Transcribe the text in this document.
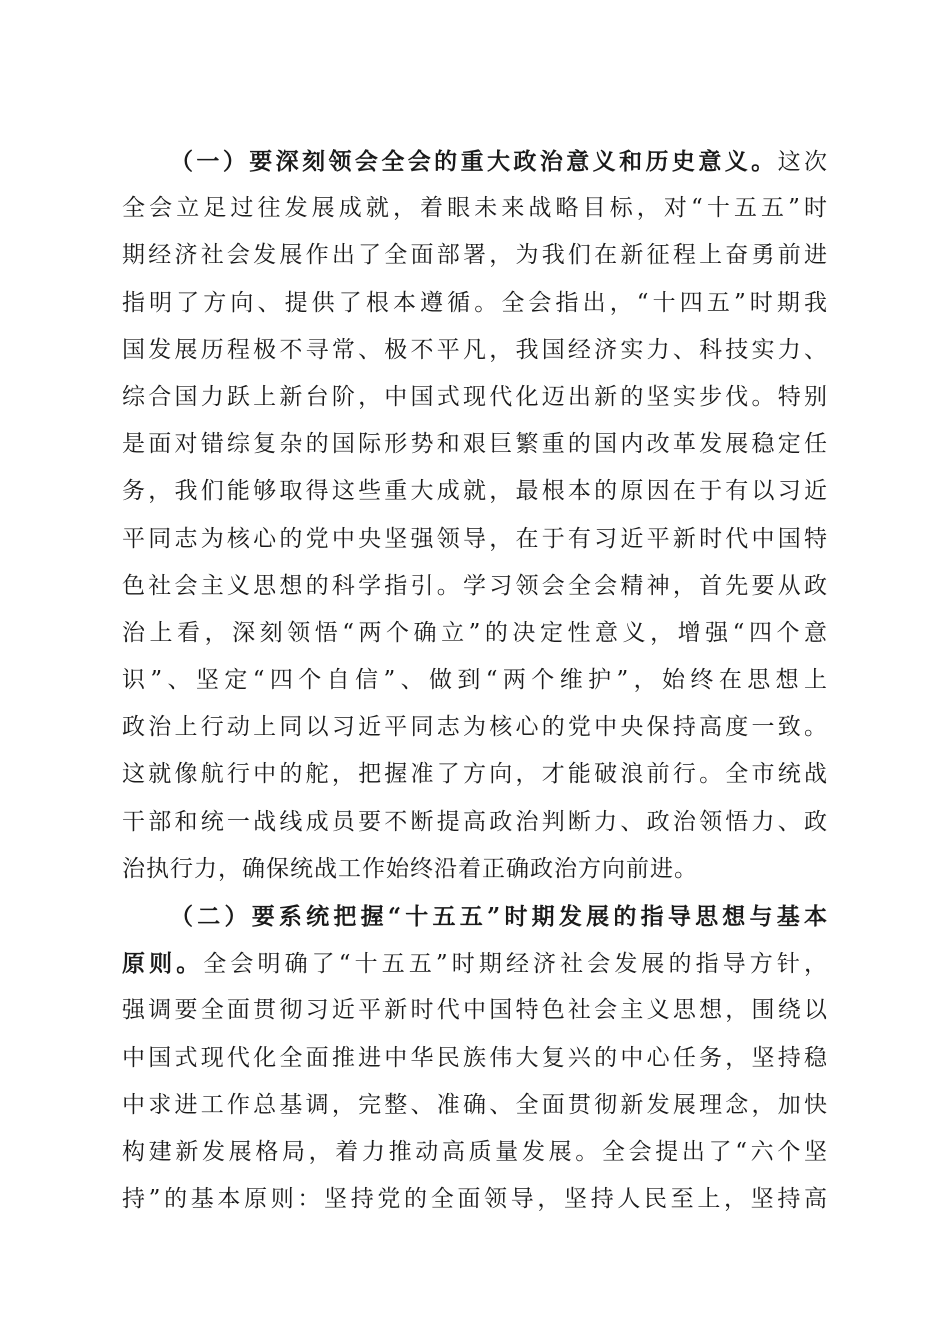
（一）要深刻领会全会的重大政治意义和历史意义。这次
全会立足过往发展成就，着眼未来战略目标，对“十五五”时
期经济社会发展作出了全面部署，为我们在新征程上奋勇前进
指明了方向、提供了根本遵循。全会指出，“十四五”时期我
国发展历程极不寻常、极不平凡，我国经济实力、科技实力、
综合国力跃上新台阶，中国式现代化迈出新的坚实步伐。特别
是面对错综复杂的国际形势和艰巨繁重的国内改革发展稳定任
务，我们能够取得这些重大成就，最根本的原因在于有以习近
平同志为核心的党中央坚强领导，在于有习近平新时代中国特
色社会主义思想的科学指引。学习领会全会精神，首先要从政
治上看，深刻领悟“两个确立”的决定性意义，增强“四个意
识”、坚定“四个自信”、做到“两个维护”，始终在思想上
政治上行动上同以习近平同志为核心的党中央保持高度一致。
这就像航行中的舵，把握准了方向，才能破浪前行。全市统战
干部和统一战线成员要不断提高政治判断力、政治领悟力、政
治执行力，确保统战工作始终沿着正确政治方向前进。
（二）要系统把握“十五五”时期发展的指导思想与基本
原则。全会明确了“十五五”时期经济社会发展的指导方针，
强调要全面贯彻习近平新时代中国特色社会主义思想，围绕以
中国式现代化全面推进中华民族伟大复兴的中心任务，坚持稳
中求进工作总基调，完整、准确、全面贯彻新发展理念，加快
构建新发展格局，着力推动高质量发展。全会提出了“六个坚
持”的基本原则：坚持党的全面领导，坚持人民至上，坚持高
